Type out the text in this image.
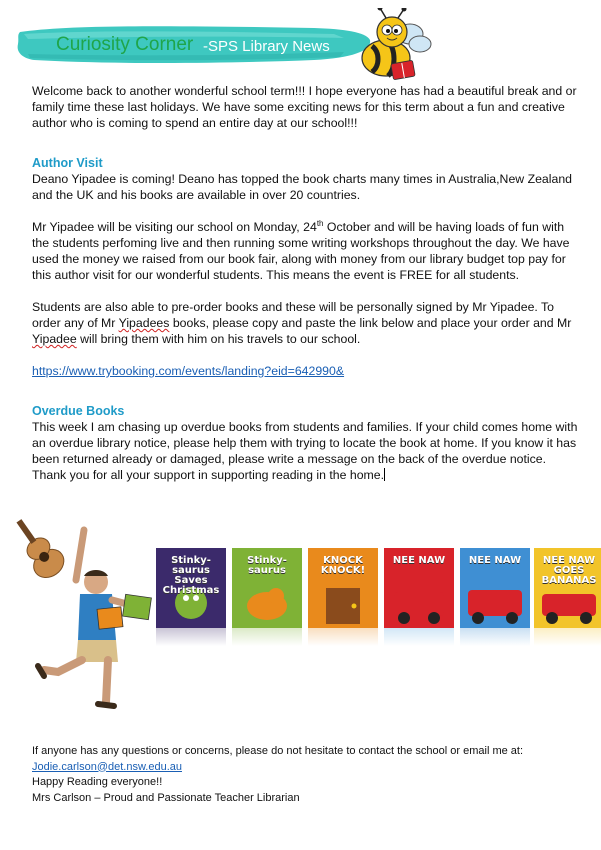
Curiosity Corner -SPS Library News

Welcome back to another wonderful school term!!! I hope everyone has had a beautiful break and or family time these last holidays. We have some exciting news for this term about a fun and creative author who is coming to spend an entire day at our school!!!

Author Visit

Deano Yipadee is coming! Deano has topped the book charts many times in Australia,New Zealand and the UK and his books are available in over 20 countries.

Mr Yipadee will be visiting our school on Monday, 24th October and will be having loads of fun with the students perfoming live and then running some writing workshops throughout the day. We have used the money we raised from our book fair, along with money from our library budget top pay for this author visit for our wonderful students. This means the event is FREE for all students.

Students are also able to pre-order books and these will be personally signed by Mr Yipadee. To order any of Mr Yipadees books, please copy and paste the link below and place your order and Mr Yipadee will bring them with him on his travels to our school.

https://www.trybooking.com/events/landing?eid=642990&

Overdue Books

This week I am chasing up overdue books from students and families. If your child comes home with an overdue library notice, please help them with trying to locate the book at home. If you know it has been returned already or damaged, please write a message on the back of the overdue notice. Thank you for all your support in supporting reading in the home.

Stinky-saurus Saves Christmas
Stinky-saurus
KNOCK KNOCK!
NEE NAW	NEE NAW	NEE NAW GOES BANANAS

If anyone has any questions or concerns, please do not hesitate to contact the school or email me at:

Jodie.carlson@det.nsw.edu.au

Happy Reading everyone!!

Mrs Carlson – Proud and Passionate Teacher Librarian
